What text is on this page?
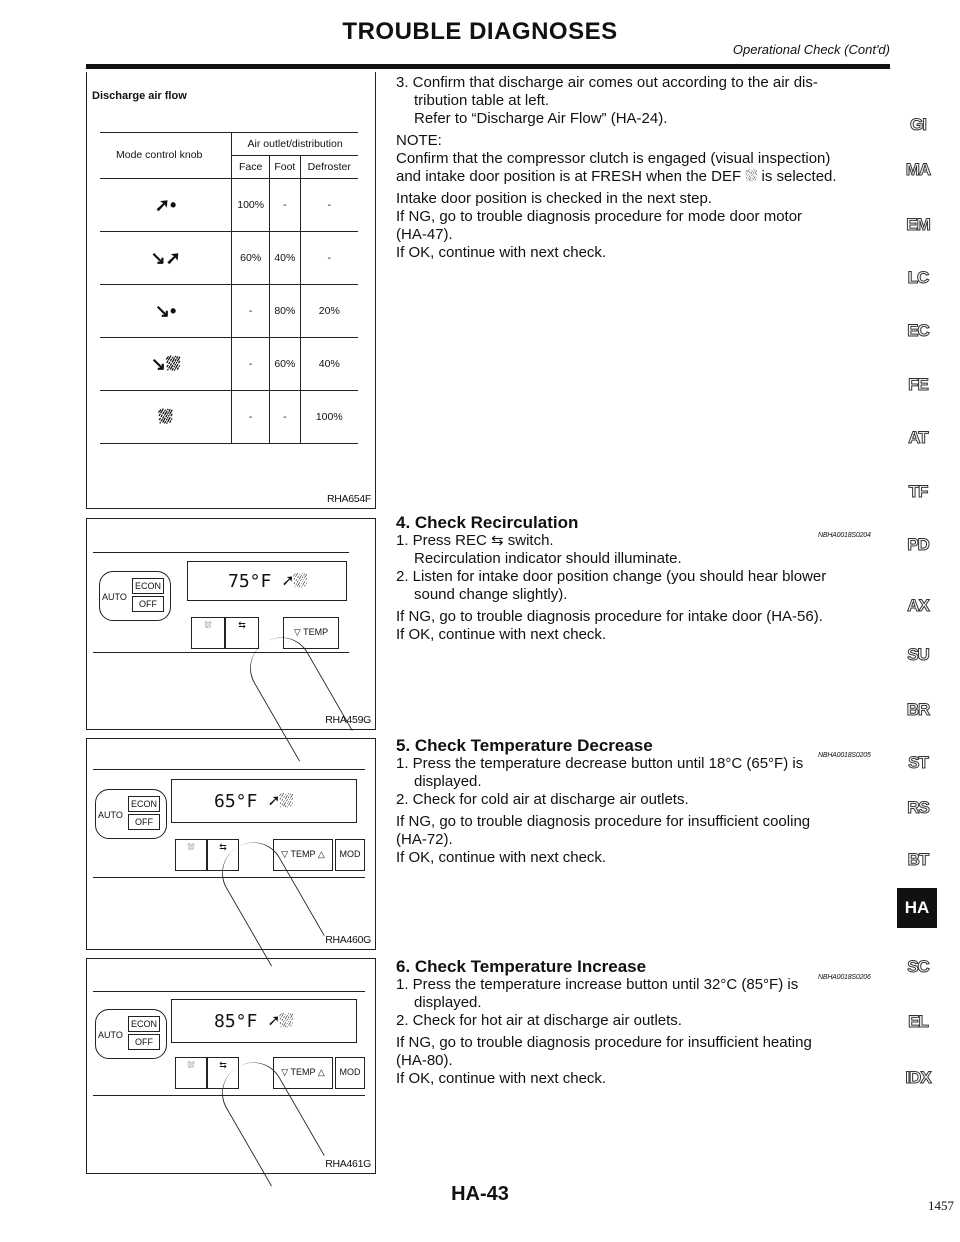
TROUBLE DIAGNOSES
Operational Check (Cont'd)
RHA654F
Discharge air flow
Mode control knob	Air outlet/distribution		
	Face	Foot	Defroster
➚•	100%	-	-
↘➚	60%	40%	-
↘•	-	80%	20%
↘⛆	-	60%	40%
⛆	-	-	100%
AUTO
ECON
OFF
75°F ➚⛆
⛆	⇆
▽ TEMP
RHA459G
AUTO
ECON
OFF
65°F ➚⛆
⛆	⇆
▽ TEMP △	MOD
RHA460G
AUTO
ECON
OFF
85°F ➚⛆
⛆	⇆
▽ TEMP △	MOD
RHA461G

3. Confirm that discharge air comes out according to the air dis-

tribution table at left.

Refer to “Discharge Air Flow” (HA-24).

NOTE:

Confirm that the compressor clutch is engaged (visual inspection)

and intake door position is at FRESH when the DEF ⛆ is selected.

Intake door position is checked in the next step.

If NG, go to trouble diagnosis procedure for mode door motor

(HA-47).

If OK, continue with next check.

4. Check Recirculation

1. Press REC ⇆ switch.

Recirculation indicator should illuminate.

2. Listen for intake door position change (you should hear blower

sound change slightly).

If NG, go to trouble diagnosis procedure for intake door (HA-56).

If OK, continue with next check.

NBHA0018S0204

5. Check Temperature Decrease

1. Press the temperature decrease button until 18°C (65°F) is

displayed.

2. Check for cold air at discharge air outlets.

If NG, go to trouble diagnosis procedure for insufficient cooling

(HA-72).

If OK, continue with next check.

NBHA0018S0205

6. Check Temperature Increase

1. Press the temperature increase button until 32°C (85°F) is

displayed.

2. Check for hot air at discharge air outlets.

If NG, go to trouble diagnosis procedure for insufficient heating

(HA-80).

If OK, continue with next check.

NBHA0018S0206
GI
MA
EM
LC
EC
FE
AT
TF
PD
AX
SU
BR
ST
RS
BT
HA
SC
EL
IDX
HA-43
1457
